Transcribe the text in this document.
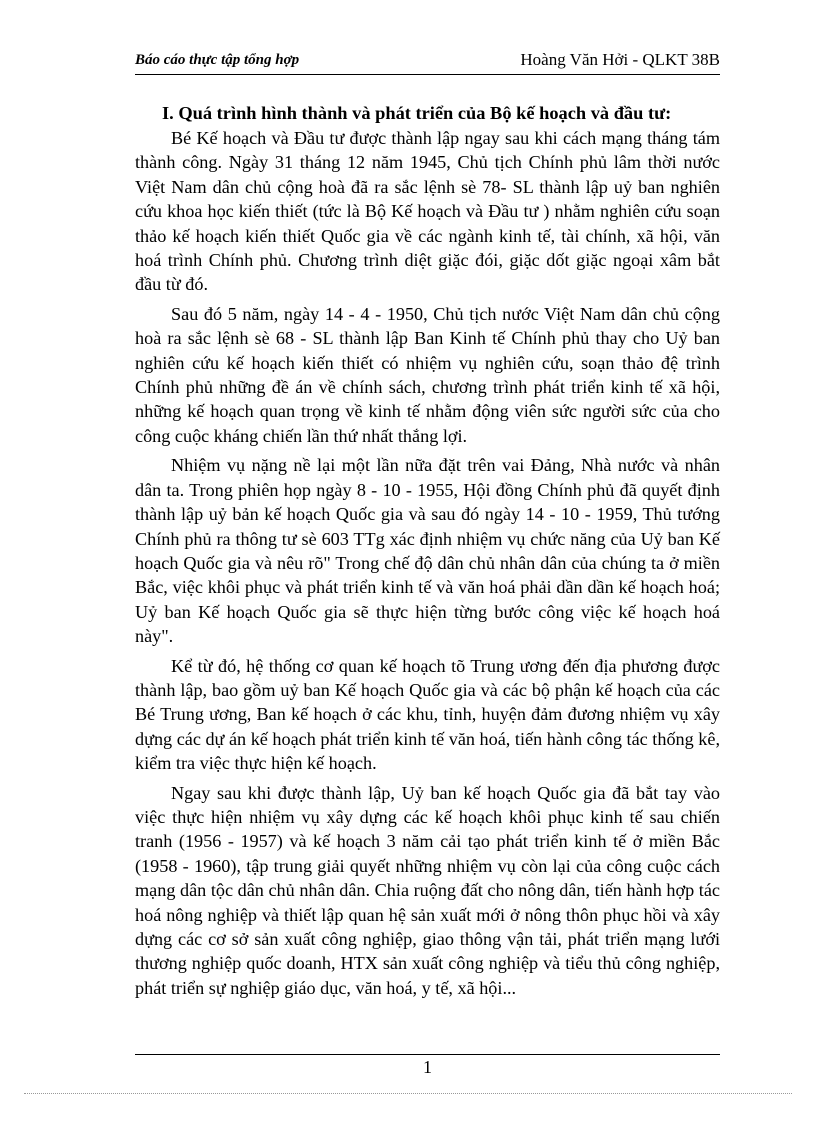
Báo cáo thực tập tổng hợp	Hoàng Văn Hởi - QLKT 38B
I. Quá trình hình thành và phát triển của Bộ kế hoạch và đầu tư:

Bé Kế hoạch và Đầu tư được thành lập ngay sau khi cách mạng tháng tám thành công. Ngày 31 tháng 12 năm 1945, Chủ tịch Chính phủ lâm thời nước Việt Nam dân chủ cộng hoà đã ra sắc lệnh sè 78- SL thành lập uỷ ban nghiên cứu khoa học kiến thiết (tức là Bộ Kế hoạch và Đầu tư ) nhằm nghiên cứu soạn thảo kế hoạch kiến thiết Quốc gia về các ngành kinh tế, tài chính, xã hội, văn hoá trình Chính phủ. Chương trình diệt giặc đói, giặc dốt giặc ngoại xâm bắt đầu từ đó.

Sau đó 5 năm, ngày 14 - 4 - 1950, Chủ tịch nước Việt Nam dân chủ cộng hoà ra sắc lệnh sè 68 - SL thành lập Ban Kinh tế Chính phủ thay cho Uỷ ban nghiên cứu kế hoạch kiến thiết có nhiệm vụ nghiên cứu, soạn thảo đệ trình Chính phủ những đề án về chính sách, chương trình phát triển kinh tế xã hội, những kế hoạch quan trọng về kinh tế nhằm động viên sức người sức của cho công cuộc kháng chiến lần thứ nhất thắng lợi.

Nhiệm vụ nặng nề lại một lần nữa đặt trên vai Đảng, Nhà nước và nhân dân ta. Trong phiên họp ngày 8 - 10 - 1955, Hội đồng Chính phủ đã quyết định thành lập uỷ bản kế hoạch Quốc gia và sau đó ngày 14 - 10 - 1959, Thủ tướng Chính phủ ra thông tư sè 603 TTg xác định nhiệm vụ chức năng của Uỷ ban Kế hoạch Quốc gia và nêu rõ" Trong chế độ dân chủ nhân dân của chúng ta ở miền Bắc, việc khôi phục và phát triển kinh tế và văn hoá phải dần dần kế hoạch hoá; Uỷ ban Kế hoạch Quốc gia sẽ thực hiện từng bước công việc kế hoạch hoá này".

Kể từ đó, hệ thống cơ quan kế hoạch tõ Trung ương đến địa phương được thành lập, bao gồm uỷ ban Kế hoạch Quốc gia và các bộ phận kế hoạch của các Bé Trung ương, Ban kế hoạch ở các khu, tỉnh, huyện đảm đương nhiệm vụ xây dựng các dự án kế hoạch phát triển kinh tế văn hoá, tiến hành công tác thống kê, kiểm tra việc thực hiện kế hoạch.

Ngay sau khi được thành lập, Uỷ ban kế hoạch Quốc gia đã bắt tay vào việc thực hiện nhiệm vụ xây dựng các kế hoạch khôi phục kinh tế sau chiến tranh (1956 - 1957) và kế hoạch 3 năm cải tạo phát triển kinh tế ở miền Bắc (1958 - 1960), tập trung giải quyết những nhiệm vụ còn lại của công cuộc cách mạng dân tộc dân chủ nhân dân. Chia ruộng đất cho nông dân, tiến hành hợp tác hoá nông nghiệp và thiết lập quan hệ sản xuất mới ở nông thôn phục hồi và xây dựng các cơ sở sản xuất công nghiệp, giao thông vận tải, phát triển mạng lưới thương nghiệp quốc doanh, HTX sản xuất công nghiệp và tiểu thủ công nghiệp, phát triển sự nghiệp giáo dục, văn hoá, y tế, xã hội...

1
